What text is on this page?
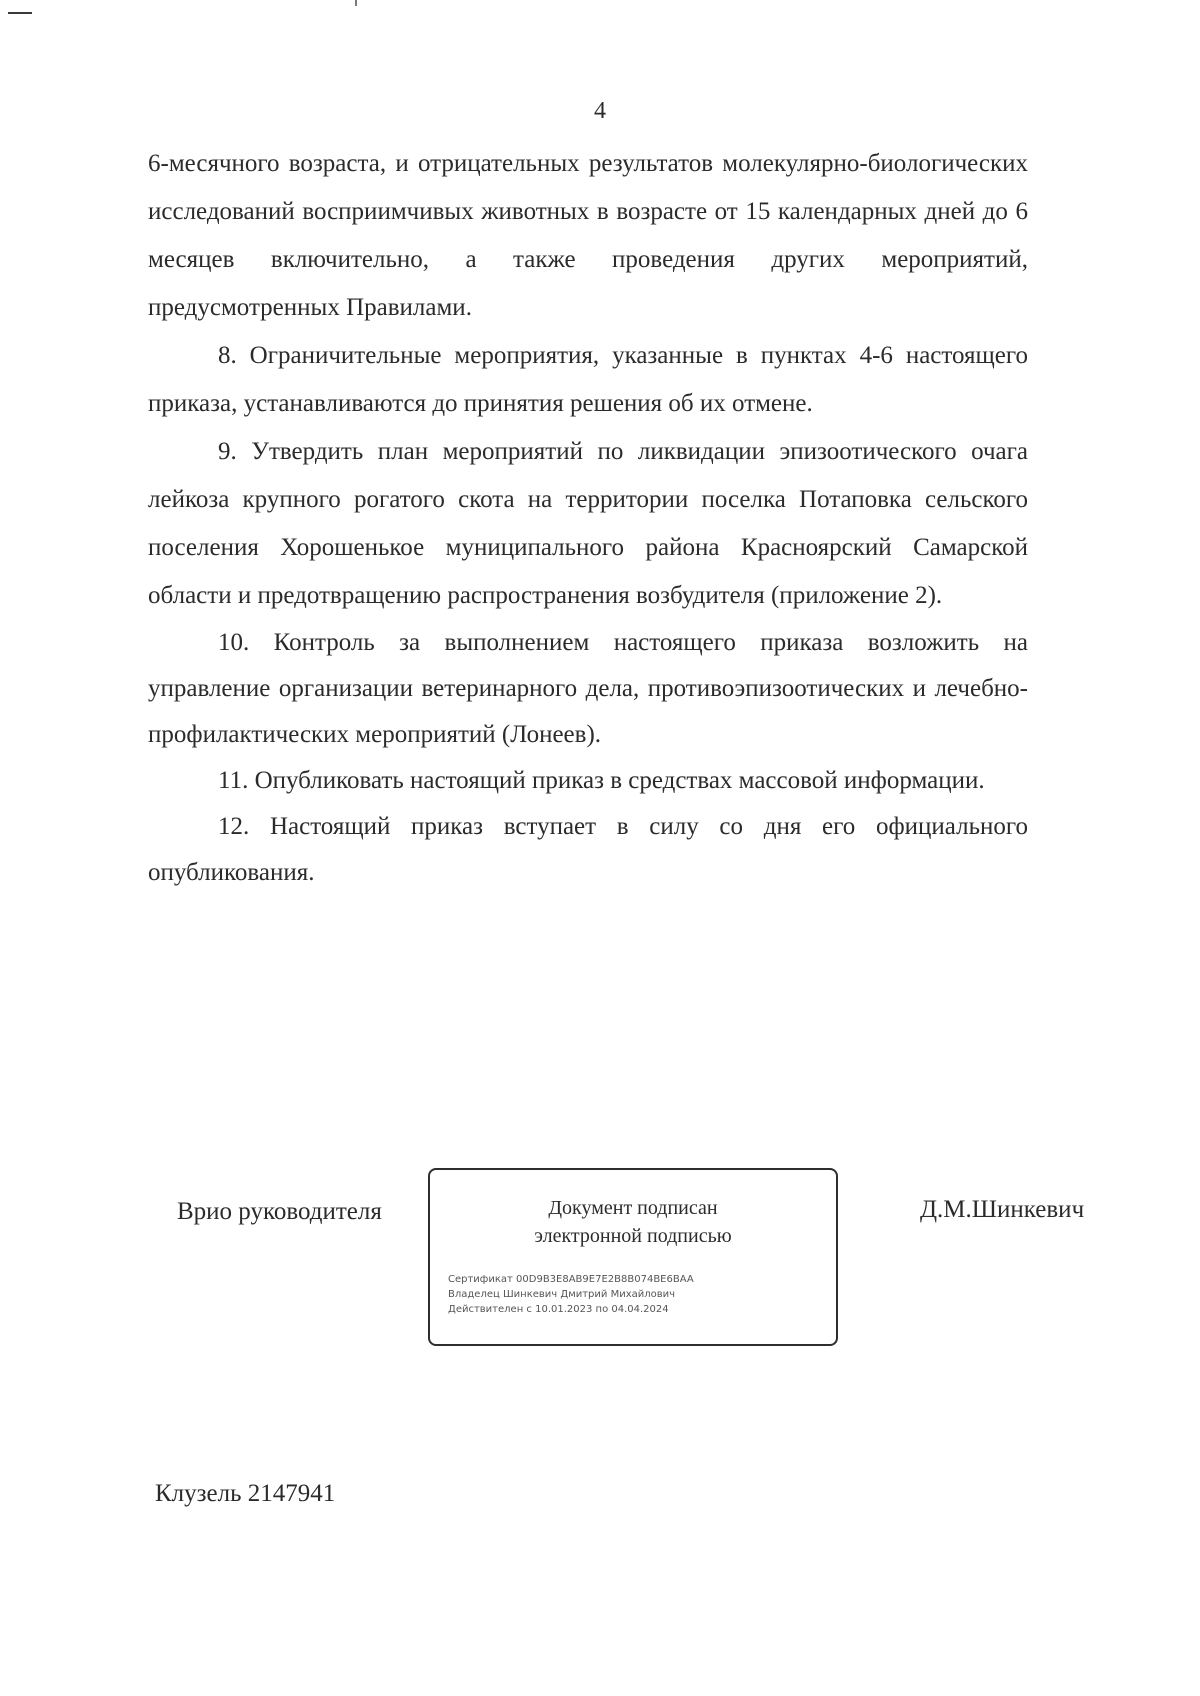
4

6-месячного возраста, и отрицательных результатов молекулярно-биологических исследований восприимчивых животных в возрасте от 15 календарных дней до 6 месяцев включительно, а также проведения других мероприятий, предусмотренных Правилами.

8. Ограничительные мероприятия, указанные в пунктах 4-6 настоящего приказа, устанавливаются до принятия решения об их отмене.

9. Утвердить план мероприятий по ликвидации эпизоотического очага лейкоза крупного рогатого скота на территории поселка Потаповка сельского поселения Хорошенькое муниципального района Красноярский Самарской области и предотвращению распространения возбудителя (приложение 2).

10. Контроль за выполнением настоящего приказа возложить на управление организации ветеринарного дела, противоэпизоотических и лечебно-профилактических мероприятий (Лонеев).

11. Опубликовать настоящий приказ в средствах массовой информации.

12. Настоящий приказ вступает в силу со дня его официального опубликования.

Врио руководителя	Документ подписан
электронной подписью
Сертификат 00D9B3E8AB9E7E2B8B074BE6BAA
Владелец Шинкевич Дмитрий Михайлович
Действителен с 10.01.2023 по 04.04.2024
Д.М.Шинкевич
Клузель 2147941
